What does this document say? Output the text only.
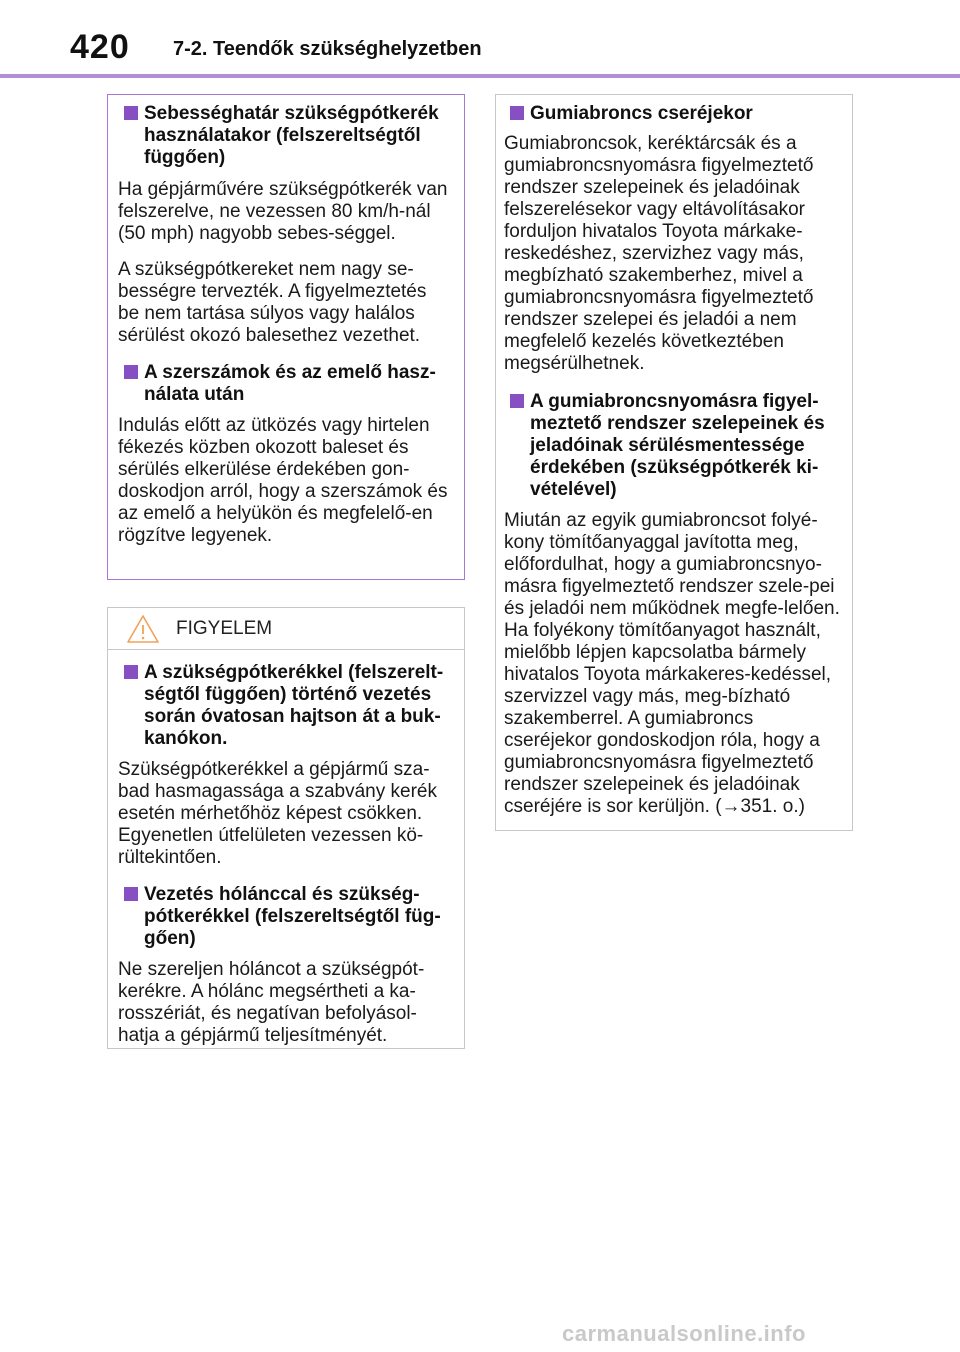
420 7-2. Teendők szükséghelyzetben
Sebességhatár szükségpótkerék használatakor (felszereltségtől függően)

Ha gépjárművére szükségpótkerék van felszerelve, ne vezessen 80 km/h-nál (50 mph) nagyobb sebes-séggel.

A szükségpótkereket nem nagy se-bességre tervezték. A figyelmeztetés be nem tartása súlyos vagy halálos sérülést okozó balesethez vezethet.

A szerszámok és az emelő hasz-nálata után

Indulás előtt az ütközés vagy hirtelen fékezés közben okozott baleset és sérülés elkerülése érdekében gon-doskodjon arról, hogy a szerszámok és az emelő a helyükön és megfelelő-en rögzítve legyenek.

FIGYELEM
A szükségpótkerékkel (felszerelt-ségtől függően) történő vezetés során óvatosan hajtson át a buk-kanókon.

Szükségpótkerékkel a gépjármű sza-bad hasmagassága a szabvány kerék esetén mérhetőhöz képest csökken. Egyenetlen útfelületen vezessen kö-rültekintően.

Vezetés hólánccal és szükség-pótkerékkel (felszereltségtől füg-gően)

Ne szereljen hóláncot a szükségpót-kerékre. A hólánc megsértheti a ka-rosszériát, és negatívan befolyásol-hatja a gépjármű teljesítményét.

Gumiabroncs cseréjekor

Gumiabroncsok, keréktárcsák és a gumiabroncsnyomásra figyelmeztető rendszer szelepeinek és jeladóinak felszerelésekor vagy eltávolításakor forduljon hivatalos Toyota márkake-reskedéshez, szervizhez vagy más, megbízható szakemberhez, mivel a gumiabroncsnyomásra figyelmeztető rendszer szelepei és jeladói a nem megfelelő kezelés következtében megsérülhetnek.

A gumiabroncsnyomásra figyel-meztető rendszer szelepeinek és jeladóinak sérülésmentessége érdekében (szükségpótkerék ki-vételével)

Miután az egyik gumiabroncsot folyé-kony tömítőanyaggal javította meg, előfordulhat, hogy a gumiabroncsnyo-másra figyelmeztető rendszer szele-pei és jeladói nem működnek megfe-lelően. Ha folyékony tömítőanyagot használt, mielőbb lépjen kapcsolatba bármely hivatalos Toyota márkakeres-kedéssel, szervizzel vagy más, meg-bízható szakemberrel. A gumiabroncs cseréjekor gondoskodjon róla, hogy a gumiabroncsnyomásra figyelmeztető rendszer szelepeinek és jeladóinak cseréjére is sor kerüljön. (→351. o.)

carmanualsonline.info
